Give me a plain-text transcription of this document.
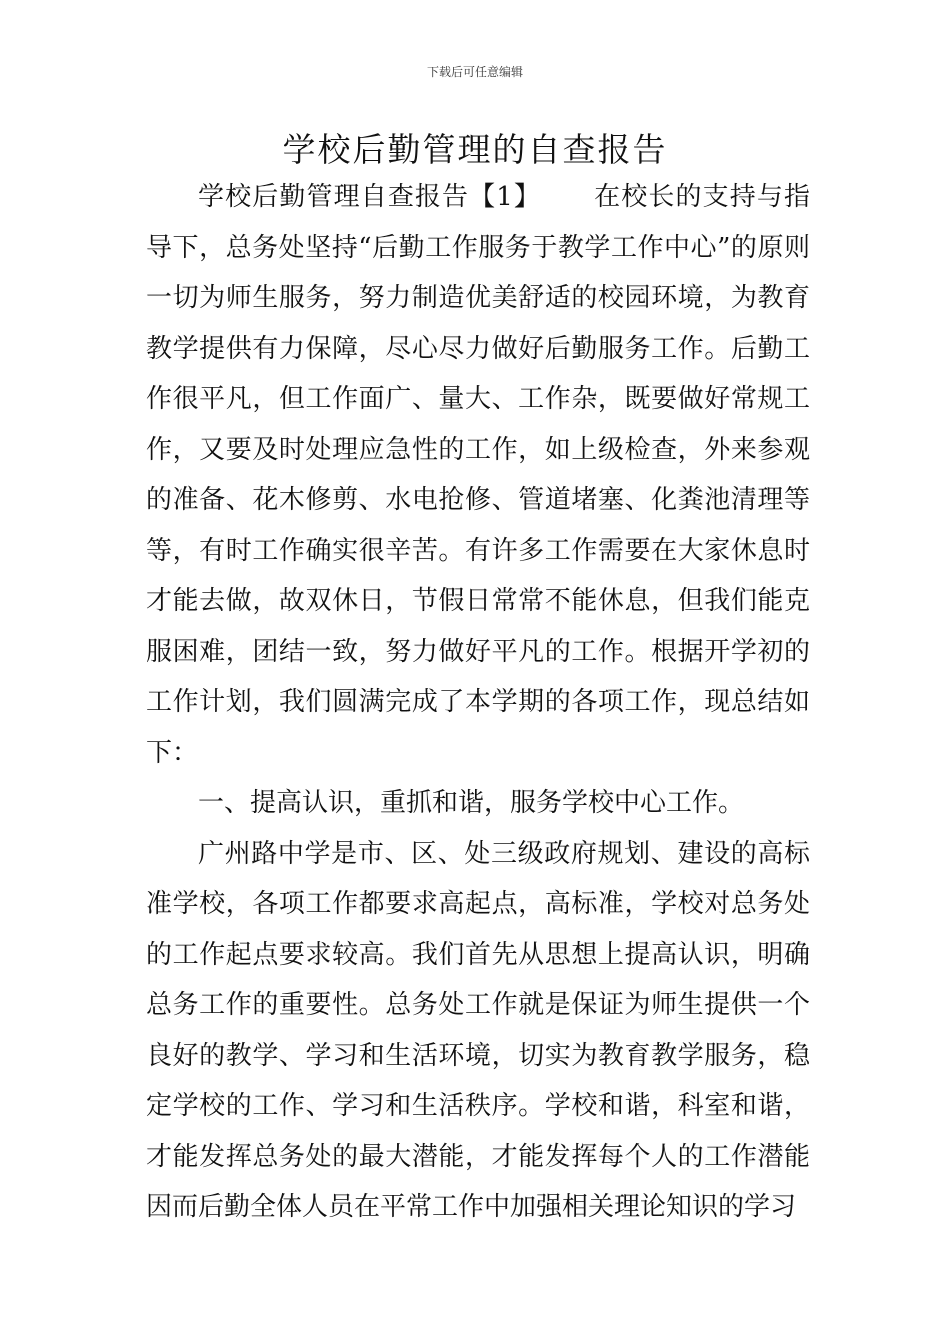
下载后可任意编辑
学校后勤管理的自查报告

学校后勤管理自查报告【1】 在校长的支持与指导下，总务处坚持“后勤工作服务于教学工作中心”的原则一切为师生服务，努力制造优美舒适的校园环境，为教育教学提供有力保障，尽心尽力做好后勤服务工作。后勤工作很平凡，但工作面广、量大、工作杂，既要做好常规工作，又要及时处理应急性的工作，如上级检查，外来参观的准备、花木修剪、水电抢修、管道堵塞、化粪池清理等等，有时工作确实很辛苦。有许多工作需要在大家休息时才能去做，故双休日，节假日常常不能休息，但我们能克服困难，团结一致，努力做好平凡的工作。根据开学初的工作计划，我们圆满完成了本学期的各项工作，现总结如下：

一、提高认识，重抓和谐，服务学校中心工作。

广州路中学是市、区、处三级政府规划、建设的高标准学校，各项工作都要求高起点，高标准，学校对总务处的工作起点要求较高。我们首先从思想上提高认识，明确总务工作的重要性。总务处工作就是保证为师生提供一个良好的教学、学习和生活环境，切实为教育教学服务，稳定学校的工作、学习和生活秩序。学校和谐，科室和谐，才能发挥总务处的最大潜能，才能发挥每个人的工作潜能因而后勤全体人员在平常工作中加强相关理论知识的学习
